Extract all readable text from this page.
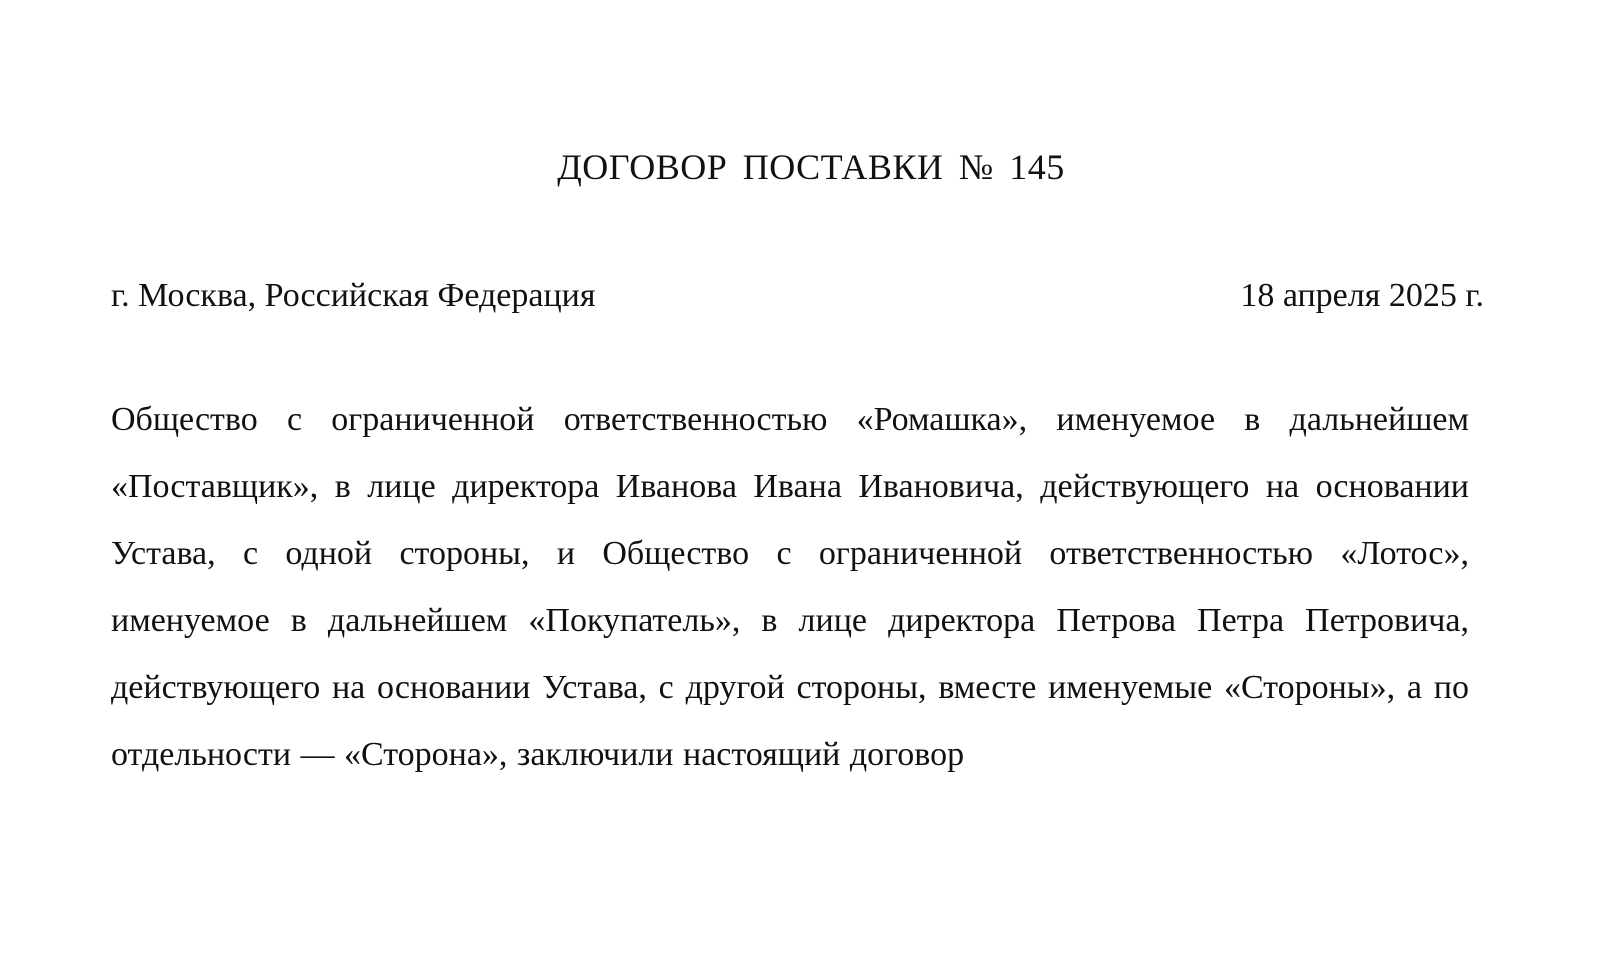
ДОГОВОР ПОСТАВКИ № 145
г. Москва, Российская Федерация	18 апреля 2025 г.

Общество с ограниченной ответственностью «Ромашка», именуемое в дальнейшем «Поставщик», в лице директора Иванова Ивана Ивановича, действующего на основании Устава, с одной стороны, и Общество с ограниченной ответственностью «Лотос», именуемое в дальнейшем «Покупатель», в лице директора Петрова Петра Петровича, действующего на основании Устава, с другой стороны, вместе именуемые «Стороны», а по отдельности — «Сторона», заключили настоящий договор
